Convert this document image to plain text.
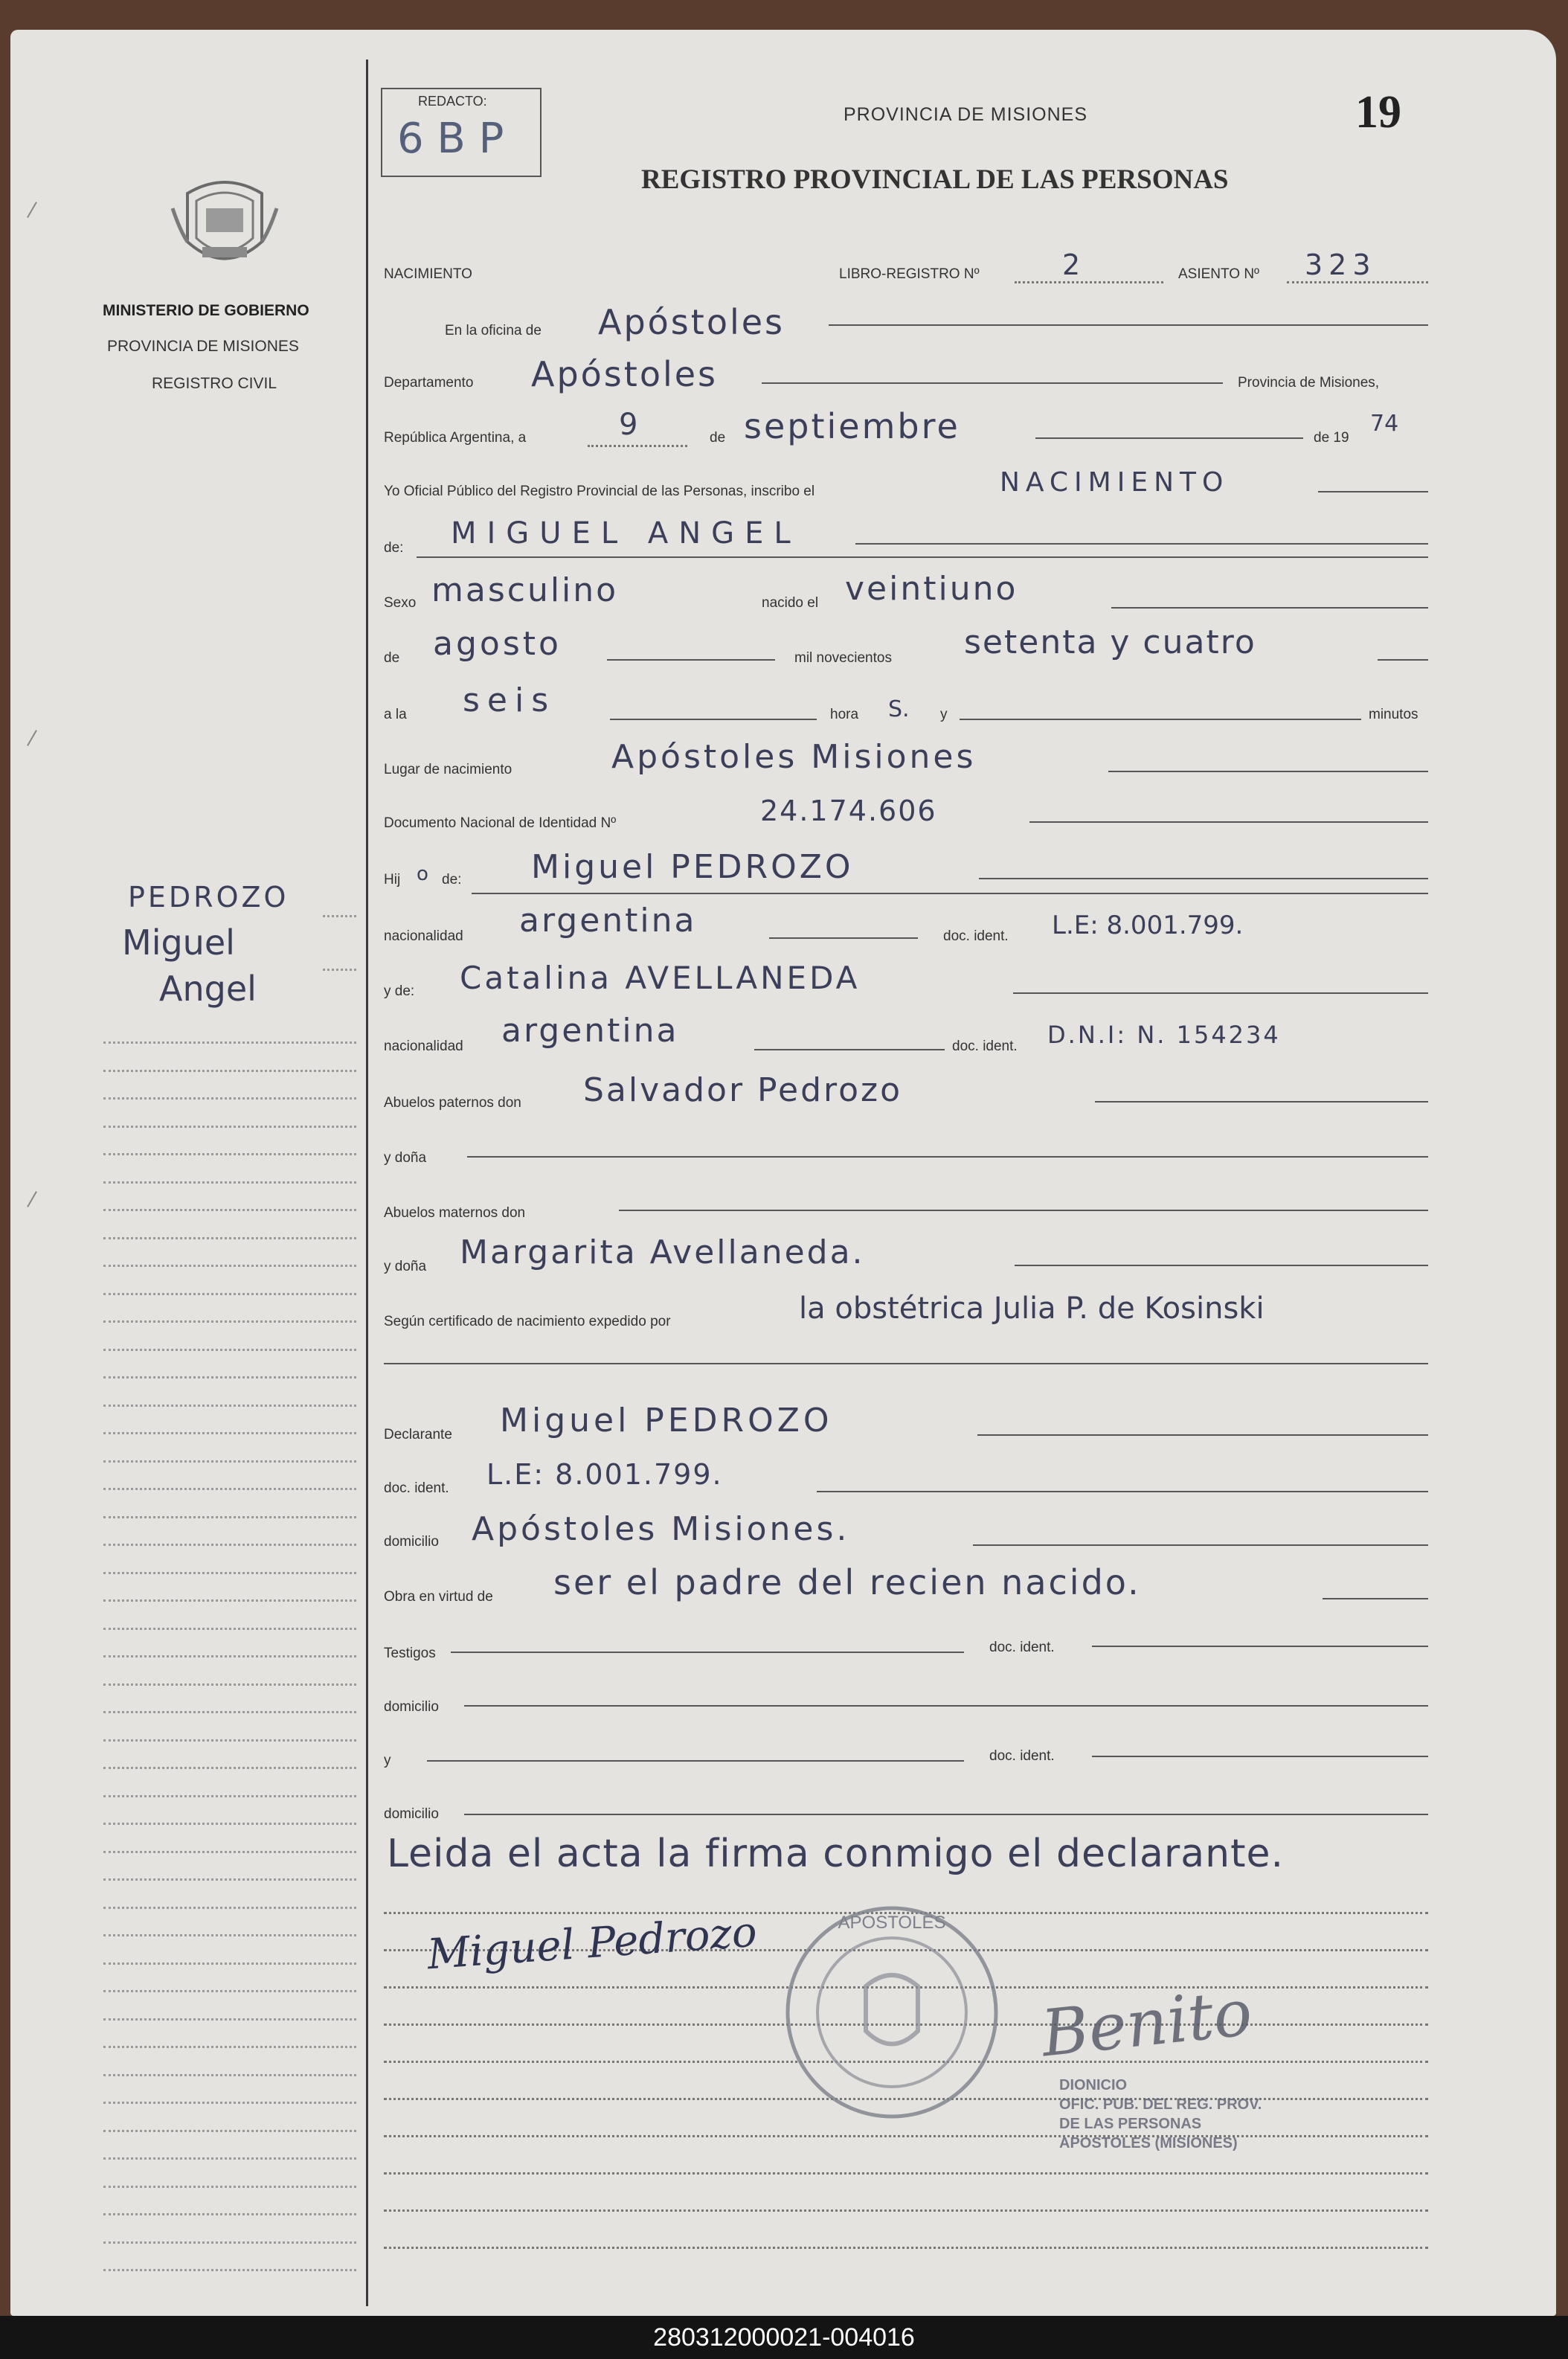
MINISTERIO DE GOBIERNO
PROVINCIA DE MISIONES
REGISTRO CIVIL
PEDROZO
Miguel
Angel
REDACTO:
6 B P	PROVINCIA DE MISIONES
REGISTRO PROVINCIAL DE LAS PERSONAS
19
NACIMIENTO	LIBRO-REGISTRO Nº	2	ASIENTO Nº 323
En la oficina de Apóstoles
Departamento Apóstoles	Provincia de Misiones,
República Argentina, a	9	de septiembre	de 19
74
Yo Oficial Público del Registro Provincial de las Personas, inscribo el	NACIMIENTO
de: MIGUEL ANGEL
Sexo masculino	nacido el veintiuno
de agosto	mil novecientos setenta y cuatro
a la seis	hora S. y	minutos
Lugar de nacimiento	Apóstoles Misiones
Documento Nacional de Identidad Nº	24.174.606
Hij o de: Miguel PEDROZO
nacionalidad argentina	doc. ident. L.E: 8.001.799.
y de: Catalina AVELLANEDA
nacionalidad argentina	doc. ident. D.N.I: N. 154234
Abuelos paternos don Salvador Pedrozo
y doña
Abuelos maternos don
y doña Margarita Avellaneda.
Según certificado de nacimiento expedido por	la obstétrica Julia P. de Kosinski
Declarante Miguel PEDROZO
doc. ident. L.E: 8.001.799.
domicilio Apóstoles Misiones.
Obra en virtud de ser el padre del recien nacido.
Testigos	doc. ident.
domicilio
y	doc. ident.
domicilio
Leida el acta la firma conmigo el declarante.
Miguel Pedrozo	APOSTOLES
Benito
DIONICIO
OFIC. PUB. DEL REG. PROV.
DE LAS PERSONAS
APOSTOLES (MISIONES)
280312000021-004016
